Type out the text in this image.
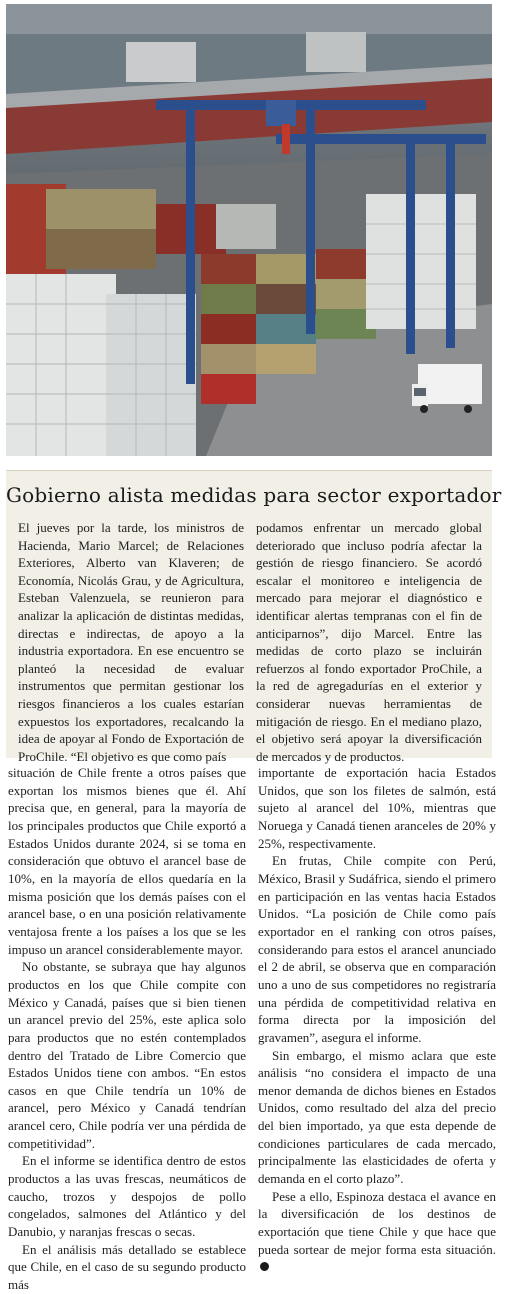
Gobierno alista medidas para sector exportador

El jueves por la tarde, los ministros de Hacienda, Mario Marcel; de Relaciones Exteriores, Alberto van Klaveren; de Economía, Nicolás Grau, y de Agricultura, Esteban Valenzuela, se reunieron para analizar la aplicación de distintas medidas, directas e indirectas, de apoyo a la industria exportadora. En ese encuentro se planteó la necesidad de evaluar instrumentos que permitan gestionar los riesgos financieros a los cuales estarían expuestos los exportadores, recalcando la idea de apoyar al Fondo de Exportación de ProChile. “El objetivo es que como país

podamos enfrentar un mercado global deteriorado que incluso podría afectar la gestión de riesgo financiero. Se acordó escalar el monitoreo e inteligencia de mercado para mejorar el diagnóstico e identificar alertas tempranas con el fin de anticiparnos”, dijo Marcel. Entre las medidas de corto plazo se incluirán refuerzos al fondo exportador ProChile, a la red de agregadurías en el exterior y considerar nuevas herramientas de mitigación de riesgo. En el mediano plazo, el objetivo será apoyar la diversificación de mercados y de productos.

situación de Chile frente a otros países que exportan los mismos bienes que él. Ahí precisa que, en general, para la mayoría de los principales productos que Chile exportó a Estados Unidos durante 2024, si se toma en consideración que obtuvo el arancel base de 10%, en la mayoría de ellos quedaría en la misma posición que los demás países con el arancel base, o en una posición relativamente ventajosa frente a los países a los que se les impuso un arancel considerablemente mayor.

No obstante, se subraya que hay algunos productos en los que Chile compite con México y Canadá, países que si bien tienen un arancel previo del 25%, este aplica solo para productos que no estén contemplados dentro del Tratado de Libre Comercio que Estados Unidos tiene con ambos. “En estos casos en que Chile tendría un 10% de arancel, pero México y Canadá tendrían arancel cero, Chile podría ver una pérdida de competitividad”.

En el informe se identifica dentro de estos productos a las uvas frescas, neumáticos de caucho, trozos y despojos de pollo congelados, salmones del Atlántico y del Danubio, y naranjas frescas o secas.

En el análisis más detallado se establece que Chile, en el caso de su segundo producto más

importante de exportación hacia Estados Unidos, que son los filetes de salmón, está sujeto al arancel del 10%, mientras que Noruega y Canadá tienen aranceles de 20% y 25%, respectivamente.

En frutas, Chile compite con Perú, México, Brasil y Sudáfrica, siendo el primero en participación en las ventas hacia Estados Unidos. “La posición de Chile como país exportador en el ranking con otros países, considerando para estos el arancel anunciado el 2 de abril, se observa que en comparación uno a uno de sus competidores no registraría una pérdida de competitividad relativa en forma directa por la imposición del gravamen”, asegura el informe.

Sin embargo, el mismo aclara que este análisis “no considera el impacto de una menor demanda de dichos bienes en Estados Unidos, como resultado del alza del precio del bien importado, ya que esta depende de condiciones particulares de cada mercado, principalmente las elasticidades de oferta y demanda en el corto plazo”.

Pese a ello, Espinoza destaca el avance en la diversificación de los destinos de exportación que tiene Chile y que hace que pueda sortear de mejor forma esta situación.
